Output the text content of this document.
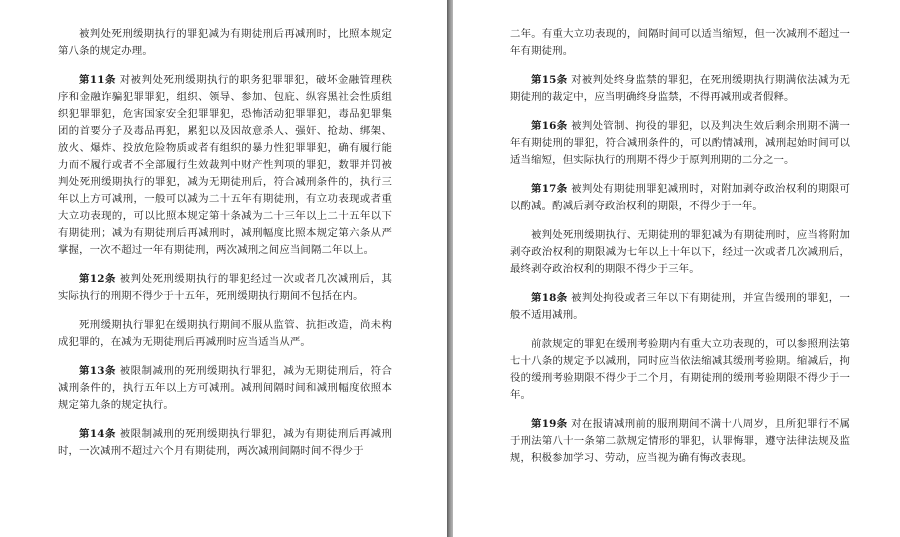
被判处死刑缓期执行的罪犯减为有期徒刑后再减刑时，比照本规定第八条的规定办理。

第11条 对被判处死刑缓期执行的职务犯罪罪犯，破坏金融管理秩序和金融诈骗犯罪罪犯，组织、领导、参加、包庇、纵容黑社会性质组织犯罪罪犯，危害国家安全犯罪罪犯，恐怖活动犯罪罪犯，毒品犯罪集团的首要分子及毒品再犯，累犯以及因故意杀人、强奸、抢劫、绑架、放火、爆炸、投放危险物质或者有组织的暴力性犯罪罪犯，确有履行能力而不履行或者不全部履行生效裁判中财产性判项的罪犯，数罪并罚被判处死刑缓期执行的罪犯，减为无期徒刑后，符合减刑条件的，执行三年以上方可减刑，一般可以减为二十五年有期徒刑，有立功表现或者重大立功表现的，可以比照本规定第十条减为二十三年以上二十五年以下有期徒刑；减为有期徒刑后再减刑时，减刑幅度比照本规定第六条从严掌握，一次不超过一年有期徒刑，两次减刑之间应当间隔二年以上。

第12条 被判处死刑缓期执行的罪犯经过一次或者几次减刑后，其实际执行的刑期不得少于十五年，死刑缓期执行期间不包括在内。

死刑缓期执行罪犯在缓期执行期间不服从监管、抗拒改造，尚未构成犯罪的，在减为无期徒刑后再减刑时应当适当从严。

第13条 被限制减刑的死刑缓期执行罪犯，减为无期徒刑后，符合减刑条件的，执行五年以上方可减刑。减刑间隔时间和减刑幅度依照本规定第九条的规定执行。

第14条 被限制减刑的死刑缓期执行罪犯，减为有期徒刑后再减刑时，一次减刑不超过六个月有期徒刑，两次减刑间隔时间不得少于

二年。有重大立功表现的，间隔时间可以适当缩短，但一次减刑不超过一年有期徒刑。

第15条 对被判处终身监禁的罪犯，在死刑缓期执行期满依法减为无期徒刑的裁定中，应当明确终身监禁，不得再减刑或者假释。

第16条 被判处管制、拘役的罪犯，以及判决生效后剩余刑期不满一年有期徒刑的罪犯，符合减刑条件的，可以酌情减刑，减刑起始时间可以适当缩短，但实际执行的刑期不得少于原判刑期的二分之一。

第17条 被判处有期徒刑罪犯减刑时，对附加剥夺政治权利的期限可以酌减。酌减后剥夺政治权利的期限，不得少于一年。

被判处死刑缓期执行、无期徒刑的罪犯减为有期徒刑时，应当将附加剥夺政治权利的期限减为七年以上十年以下，经过一次或者几次减刑后，最终剥夺政治权利的期限不得少于三年。

第18条 被判处拘役或者三年以下有期徒刑，并宣告缓刑的罪犯，一般不适用减刑。

前款规定的罪犯在缓刑考验期内有重大立功表现的，可以参照刑法第七十八条的规定予以减刑，同时应当依法缩减其缓刑考验期。缩减后，拘役的缓刑考验期限不得少于二个月，有期徒刑的缓刑考验期限不得少于一年。

第19条 对在报请减刑前的服刑期间不满十八周岁，且所犯罪行不属于刑法第八十一条第二款规定情形的罪犯，认罪悔罪，遵守法律法规及监规，积极参加学习、劳动，应当视为确有悔改表现。
